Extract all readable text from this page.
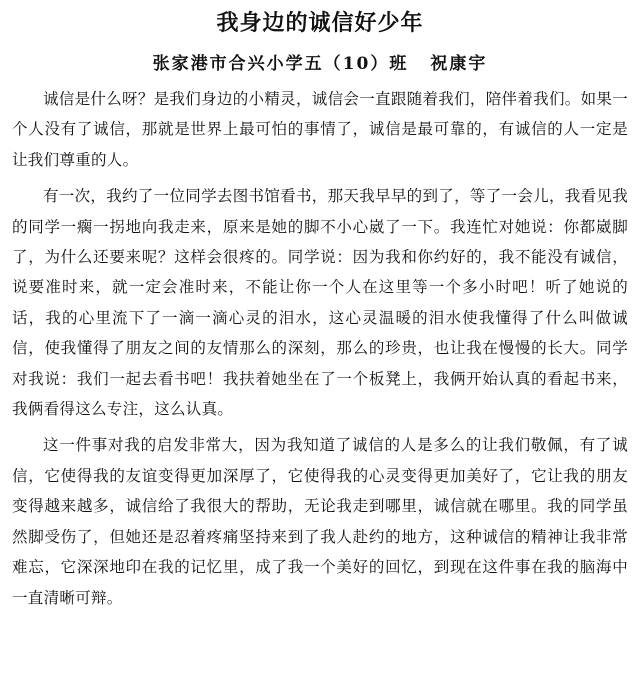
我身边的诚信好少年
张家港市合兴小学五（10）班 祝康宇

诚信是什么呀？是我们身边的小精灵，诚信会一直跟随着我们，陪伴着我们。如果一个人没有了诚信，那就是世界上最可怕的事情了，诚信是最可靠的，有诚信的人一定是让我们尊重的人。

有一次，我约了一位同学去图书馆看书，那天我早早的到了，等了一会儿，我看见我的同学一瘸一拐地向我走来，原来是她的脚不小心崴了一下。我连忙对她说：你都崴脚了，为什么还要来呢？这样会很疼的。同学说：因为我和你约好的，我不能没有诚信，说要准时来，就一定会准时来，不能让你一个人在这里等一个多小时吧！听了她说的话，我的心里流下了一滴一滴心灵的泪水，这心灵温暖的泪水使我懂得了什么叫做诚信，使我懂得了朋友之间的友情那么的深刻，那么的珍贵，也让我在慢慢的长大。同学对我说：我们一起去看书吧！我扶着她坐在了一个板凳上，我俩开始认真的看起书来，我俩看得这么专注，这么认真。

这一件事对我的启发非常大，因为我知道了诚信的人是多么的让我们敬佩，有了诚信，它使得我的友谊变得更加深厚了，它使得我的心灵变得更加美好了，它让我的朋友变得越来越多，诚信给了我很大的帮助，无论我走到哪里，诚信就在哪里。我的同学虽然脚受伤了，但她还是忍着疼痛坚持来到了我人赴约的地方，这种诚信的精神让我非常难忘，它深深地印在我的记忆里，成了我一个美好的回忆，到现在这件事在我的脑海中一直清晰可辩。
